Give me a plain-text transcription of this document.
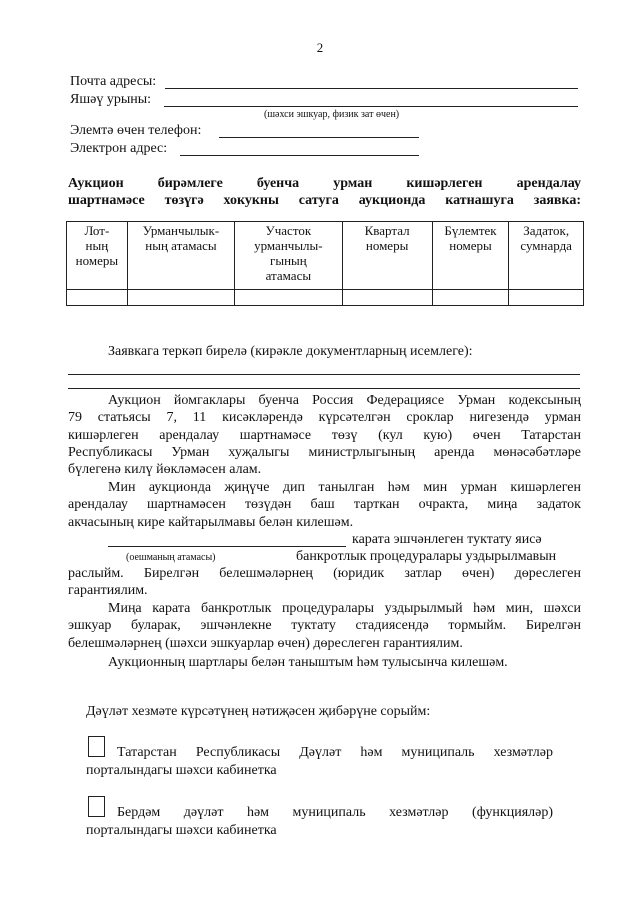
2
Почта адресы:
Яшәү урыны:
(шәхси эшкуар, физик зат өчен)
Элемтә өчен телефон:
Электрон адрес:
Аукцион бирәмлеге буенча урман кишәрлеген арендалау
шартнамәсе төзүгә хокукны сатуга аукционда катнашуга заявка:
Лот-
ның
номеры	Урманчылык-
ның атамасы	Участок
урманчылы-
гының
атамасы	Квартал
номеры	Бүлемтек
номеры	Задаток,
сумнарда

Заявкага теркәп бирелә (кирәкле документларның исемлеге):
Аукцион йомгаклары буенча Россия Федерациясе Урман кодексының
79 статьясы 7, 11 кисәкләрендә күрсәтелгән сроклар нигезендә урман
кишәрлеген арендалау шартнамәсе төзү (кул кую) өчен Татарстан
Республикасы Урман хуҗалыгы министрлыгының аренда мөнәсәбәтләре
бүлегенә килү йөкләмәсен алам.
Мин аукционда җиңүче дип танылган һәм мин урман кишәрлеген
арендалау шартнамәсен төзүдән баш тарткан очракта, миңа задаток
акчасының кире кайтарылмавы белән килешәм.
карата эшчәнлеген туктату яисә
(оешманың атамасы)	банкротлык процедуралары уздырылмавын
раслыйм. Бирелгән белешмәләрнең (юридик затлар өчен) дөреслеген
гарантиялим.
Миңа карата банкротлык процедуралары уздырылмый һәм мин, шәхси
эшкуар буларак, эшчәнлекне туктату стадиясендә тормыйм. Бирелгән
белешмәләрнең (шәхси эшкуарлар өчен) дөреслеген гарантиялим.
Аукционның шартлары белән таныштым һәм тулысынча килешәм.
Дәүләт хезмәте күрсәтүнең нәтиҗәсен җибәрүне сорыйм:
Татарстан Республикасы Дәүләт һәм муниципаль хезмәтләр
порталындагы шәхси кабинетка
Бердәм дәүләт һәм муниципаль хезмәтләр (функцияләр)
порталындагы шәхси кабинетка
